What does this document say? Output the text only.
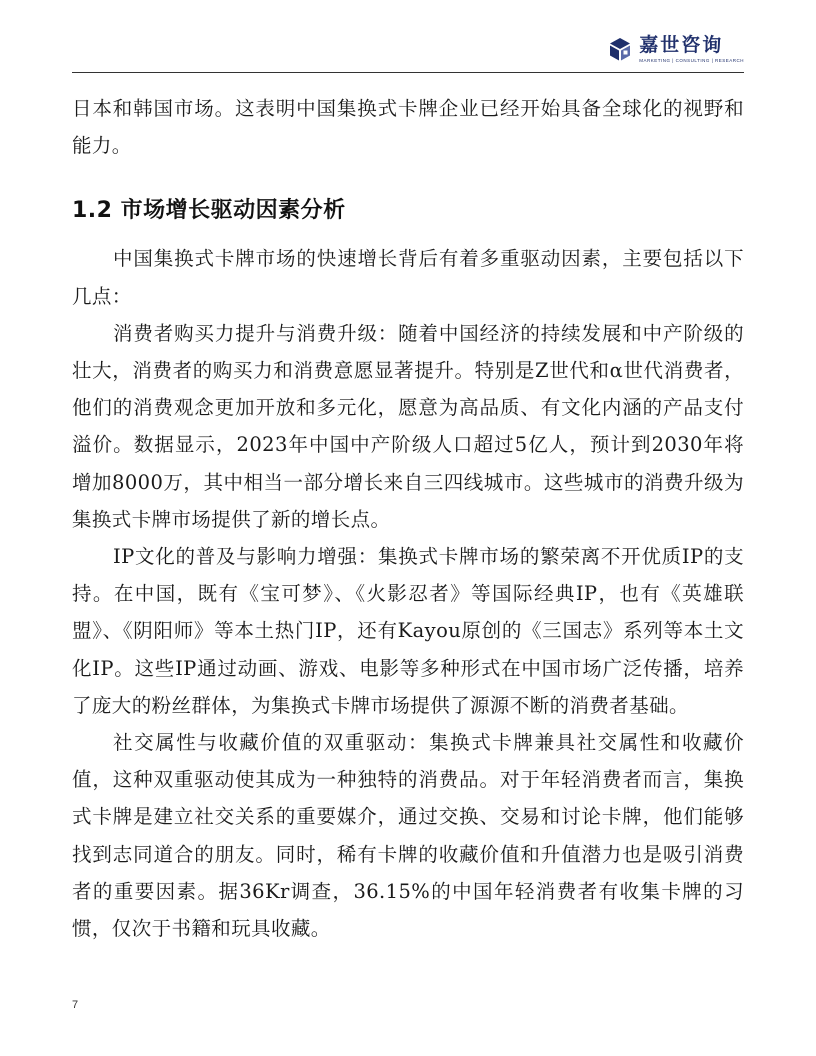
嘉世咨询
MARKETING | CONSULTING | RESEARCH

日本和韩国市场。这表明中国集换式卡牌企业已经开始具备全球化的视野和能力。

1.2 市场增长驱动因素分析

中国集换式卡牌市场的快速增长背后有着多重驱动因素，主要包括以下几点：

消费者购买力提升与消费升级：随着中国经济的持续发展和中产阶级的壮大，消费者的购买力和消费意愿显著提升。特别是Z世代和α世代消费者，他们的消费观念更加开放和多元化，愿意为高品质、有文化内涵的产品支付溢价。数据显示，2023年中国中产阶级人口超过5亿人，预计到2030年将增加8000万，其中相当一部分增长来自三四线城市。这些城市的消费升级为集换式卡牌市场提供了新的增长点。

IP文化的普及与影响力增强：集换式卡牌市场的繁荣离不开优质IP的支持。在中国，既有《宝可梦》、《火影忍者》等国际经典IP，也有《英雄联盟》、《阴阳师》等本土热门IP，还有Kayou原创的《三国志》系列等本土文化IP。这些IP通过动画、游戏、电影等多种形式在中国市场广泛传播，培养了庞大的粉丝群体，为集换式卡牌市场提供了源源不断的消费者基础。

社交属性与收藏价值的双重驱动：集换式卡牌兼具社交属性和收藏价值，这种双重驱动使其成为一种独特的消费品。对于年轻消费者而言，集换式卡牌是建立社交关系的重要媒介，通过交换、交易和讨论卡牌，他们能够找到志同道合的朋友。同时，稀有卡牌的收藏价值和升值潜力也是吸引消费者的重要因素。据36Kr调查，36.15%的中国年轻消费者有收集卡牌的习惯，仅次于书籍和玩具收藏。

7
